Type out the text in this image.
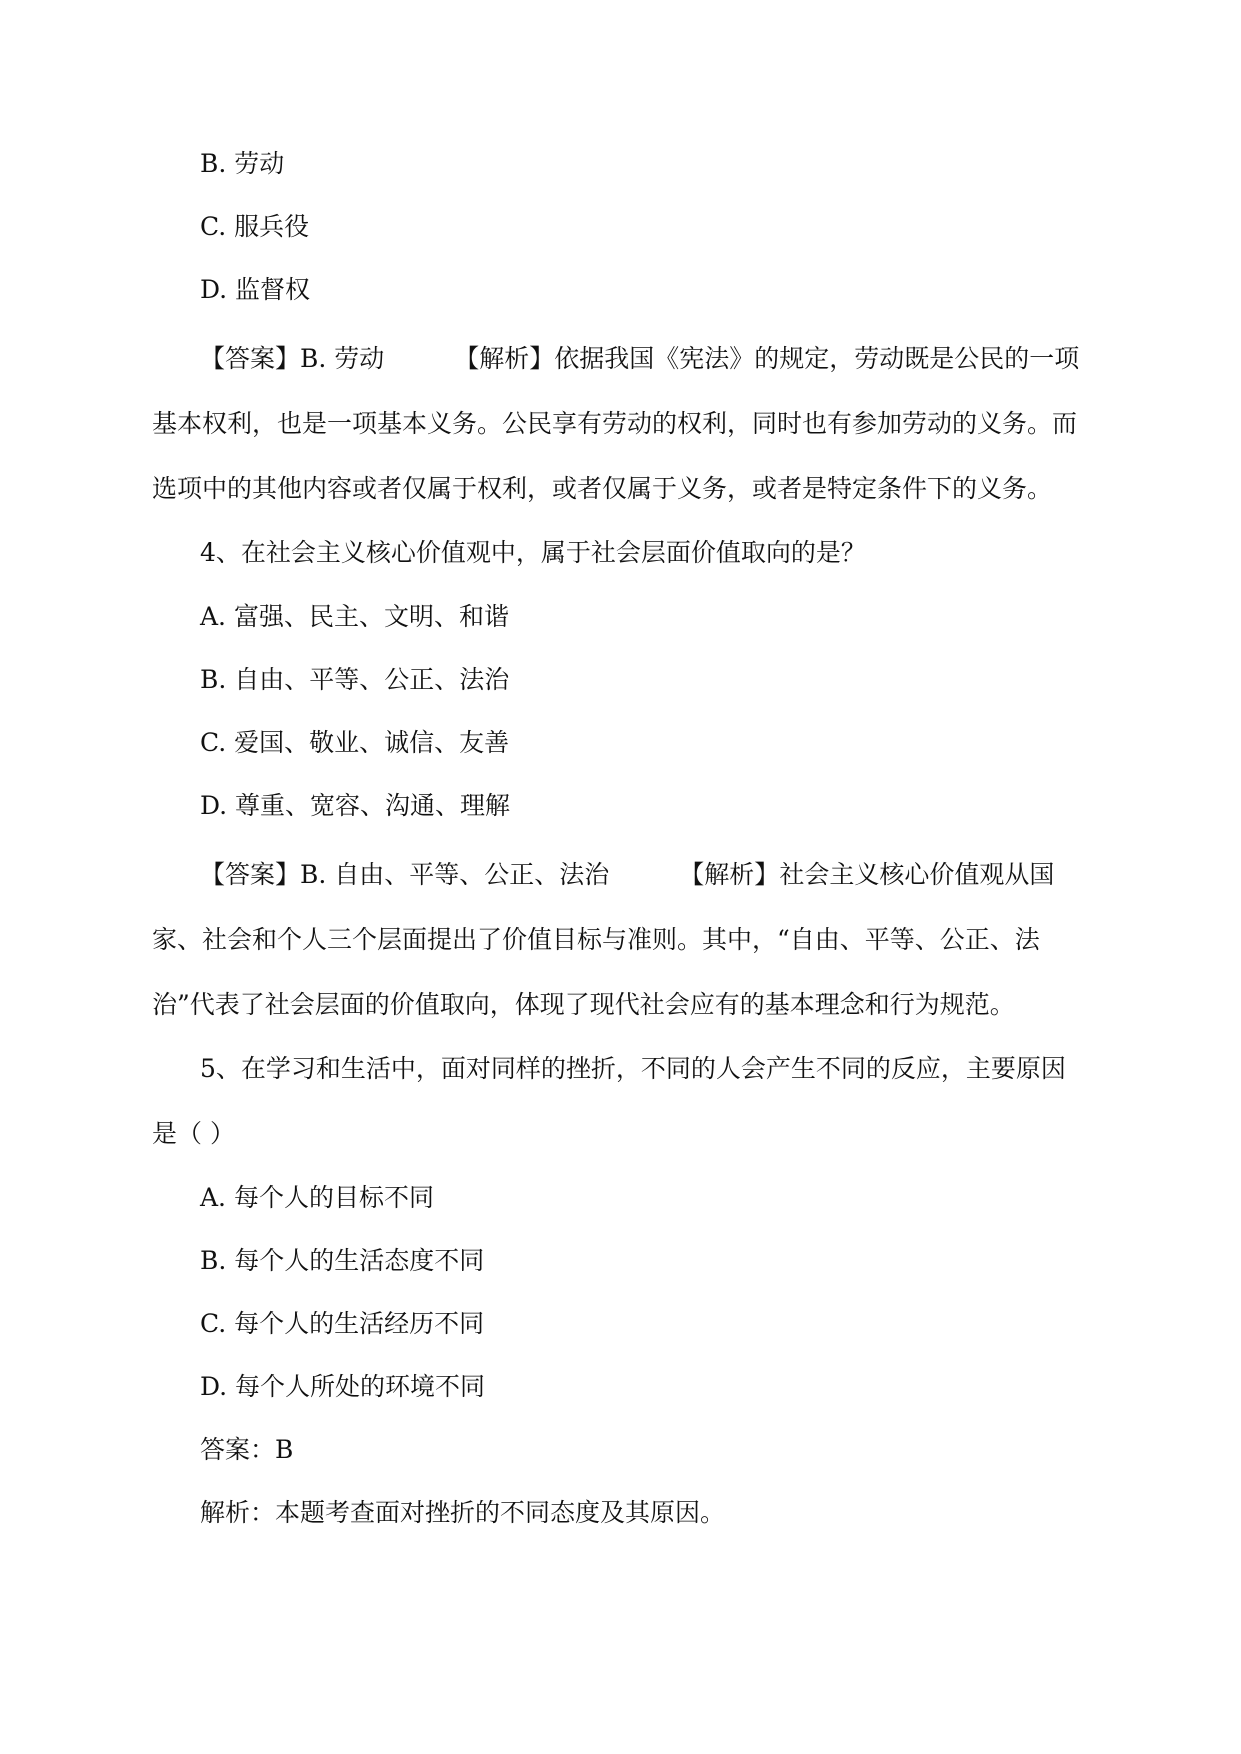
B. 劳动
C. 服兵役
D. 监督权
【答案】B. 劳动	【解析】依据我国《宪法》的规定，劳动既是公民的一项基本权利，也是一项基本义务。公民享有劳动的权利，同时也有参加劳动的义务。而选项中的其他内容或者仅属于权利，或者仅属于义务，或者是特定条件下的义务。
4、在社会主义核心价值观中，属于社会层面价值取向的是？
A. 富强、民主、文明、和谐
B. 自由、平等、公正、法治
C. 爱国、敬业、诚信、友善
D. 尊重、宽容、沟通、理解
【答案】B. 自由、平等、公正、法治	【解析】社会主义核心价值观从国家、社会和个人三个层面提出了价值目标与准则。其中，“自由、平等、公正、法治”代表了社会层面的价值取向，体现了现代社会应有的基本理念和行为规范。
5、在学习和生活中，面对同样的挫折，不同的人会产生不同的反应，主要原因是（ ）
A. 每个人的目标不同
B. 每个人的生活态度不同
C. 每个人的生活经历不同
D. 每个人所处的环境不同
答案：B
解析：本题考查面对挫折的不同态度及其原因。
